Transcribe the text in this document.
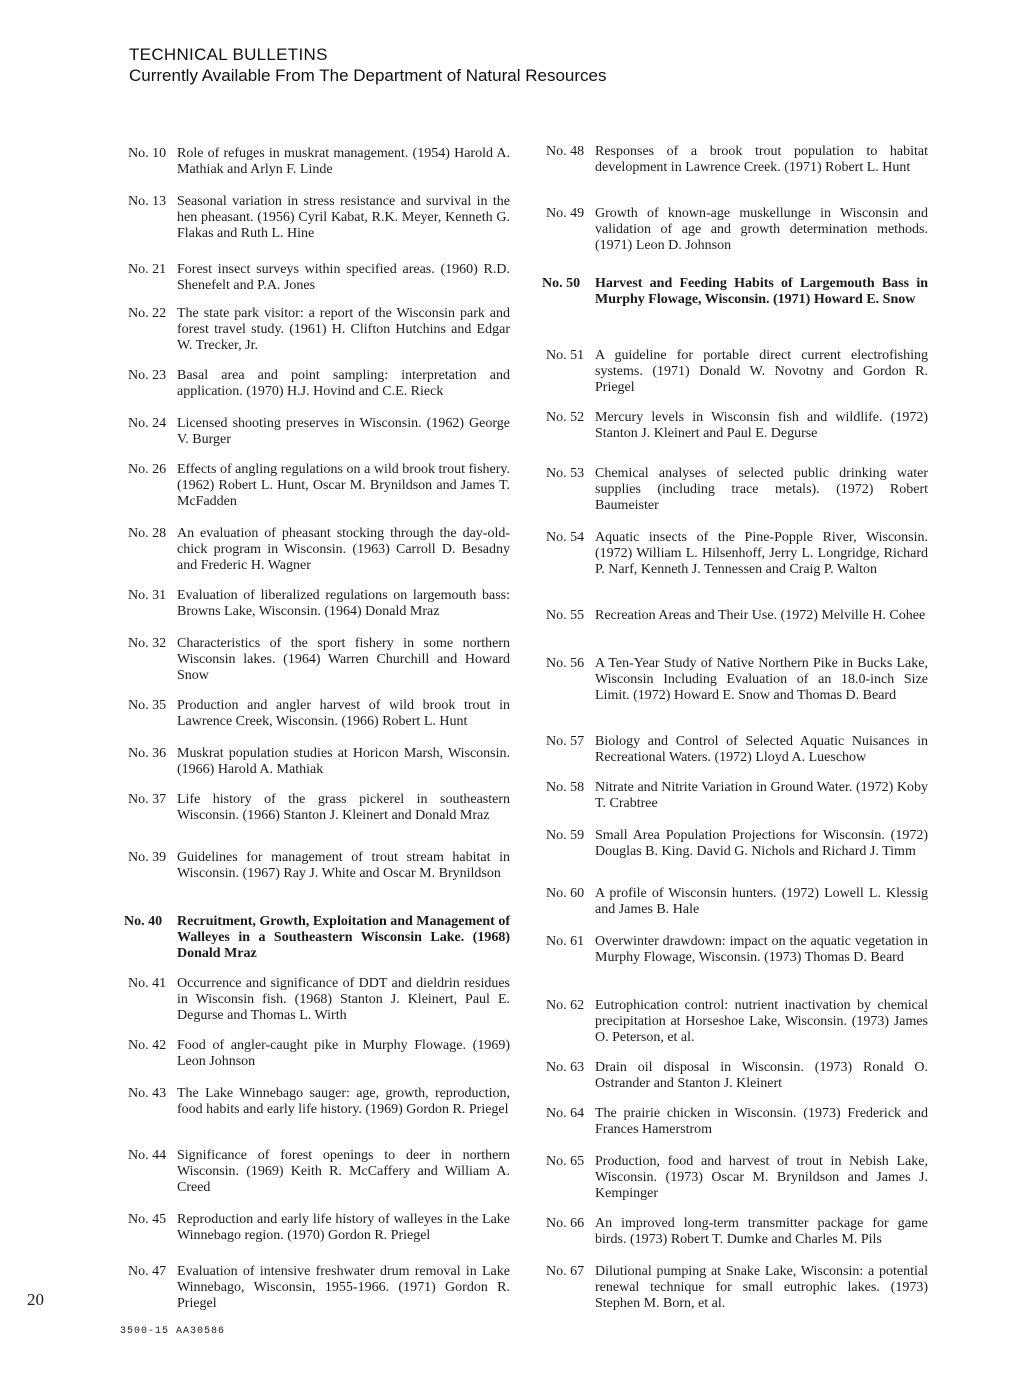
TECHNICAL BULLETINS
Currently Available From The Department of Natural Resources
No. 10 Role of refuges in muskrat management. (1954) Harold A. Mathiak and Arlyn F. Linde
No. 13 Seasonal variation in stress resistance and survival in the hen pheasant. (1956) Cyril Kabat, R.K. Meyer, Kenneth G. Flakas and Ruth L. Hine
No. 21 Forest insect surveys within specified areas. (1960) R.D. Shenefelt and P.A. Jones
No. 22 The state park visitor: a report of the Wisconsin park and forest travel study. (1961) H. Clifton Hutchins and Edgar W. Trecker, Jr.
No. 23 Basal area and point sampling: interpretation and application. (1970) H.J. Hovind and C.E. Rieck
No. 24 Licensed shooting preserves in Wisconsin. (1962) George V. Burger
No. 26 Effects of angling regulations on a wild brook trout fishery. (1962) Robert L. Hunt, Oscar M. Brynildson and James T. McFadden
No. 28 An evaluation of pheasant stocking through the day-old-chick program in Wisconsin. (1963) Carroll D. Besadny and Frederic H. Wagner
No. 31 Evaluation of liberalized regulations on largemouth bass: Browns Lake, Wisconsin. (1964) Donald Mraz
No. 32 Characteristics of the sport fishery in some northern Wisconsin lakes. (1964) Warren Churchill and Howard Snow
No. 35 Production and angler harvest of wild brook trout in Lawrence Creek, Wisconsin. (1966) Robert L. Hunt
No. 36 Muskrat population studies at Horicon Marsh, Wisconsin. (1966) Harold A. Mathiak
No. 37 Life history of the grass pickerel in southeastern Wisconsin. (1966) Stanton J. Kleinert and Donald Mraz
No. 39 Guidelines for management of trout stream habitat in Wisconsin. (1967) Ray J. White and Oscar M. Brynildson
No. 40 Recruitment, Growth, Exploitation and Management of Walleyes in a Southeastern Wisconsin Lake. (1968) Donald Mraz
No. 41 Occurrence and significance of DDT and dieldrin residues in Wisconsin fish. (1968) Stanton J. Kleinert, Paul E. Degurse and Thomas L. Wirth
No. 42 Food of angler-caught pike in Murphy Flowage. (1969) Leon Johnson
No. 43 The Lake Winnebago sauger: age, growth, reproduction, food habits and early life history. (1969) Gordon R. Priegel
No. 44 Significance of forest openings to deer in northern Wisconsin. (1969) Keith R. McCaffery and William A. Creed
No. 45 Reproduction and early life history of walleyes in the Lake Winnebago region. (1970) Gordon R. Priegel
No. 47 Evaluation of intensive freshwater drum removal in Lake Winnebago, Wisconsin, 1955-1966. (1971) Gordon R. Priegel
No. 48 Responses of a brook trout population to habitat development in Lawrence Creek. (1971) Robert L. Hunt
No. 49 Growth of known-age muskellunge in Wisconsin and validation of age and growth determination methods. (1971) Leon D. Johnson
No. 50 Harvest and Feeding Habits of Largemouth Bass in Murphy Flowage, Wisconsin. (1971) Howard E. Snow
No. 51 A guideline for portable direct current electrofishing systems. (1971) Donald W. Novotny and Gordon R. Priegel
No. 52 Mercury levels in Wisconsin fish and wildlife. (1972) Stanton J. Kleinert and Paul E. Degurse
No. 53 Chemical analyses of selected public drinking water supplies (including trace metals). (1972) Robert Baumeister
No. 54 Aquatic insects of the Pine-Popple River, Wisconsin. (1972) William L. Hilsenhoff, Jerry L. Longridge, Richard P. Narf, Kenneth J. Tennessen and Craig P. Walton
No. 55 Recreation Areas and Their Use. (1972) Melville H. Cohee
No. 56 A Ten-Year Study of Native Northern Pike in Bucks Lake, Wisconsin Including Evaluation of an 18.0-inch Size Limit. (1972) Howard E. Snow and Thomas D. Beard
No. 57 Biology and Control of Selected Aquatic Nuisances in Recreational Waters. (1972) Lloyd A. Lueschow
No. 58 Nitrate and Nitrite Variation in Ground Water. (1972) Koby T. Crabtree
No. 59 Small Area Population Projections for Wisconsin. (1972) Douglas B. King. David G. Nichols and Richard J. Timm
No. 60 A profile of Wisconsin hunters. (1972) Lowell L. Klessig and James B. Hale
No. 61 Overwinter drawdown: impact on the aquatic vegetation in Murphy Flowage, Wisconsin. (1973) Thomas D. Beard
No. 62 Eutrophication control: nutrient inactivation by chemical precipitation at Horseshoe Lake, Wisconsin. (1973) James O. Peterson, et al.
No. 63 Drain oil disposal in Wisconsin. (1973) Ronald O. Ostrander and Stanton J. Kleinert
No. 64 The prairie chicken in Wisconsin. (1973) Frederick and Frances Hamerstrom
No. 65 Production, food and harvest of trout in Nebish Lake, Wisconsin. (1973) Oscar M. Brynildson and James J. Kempinger
No. 66 An improved long-term transmitter package for game birds. (1973) Robert T. Dumke and Charles M. Pils
No. 67 Dilutional pumping at Snake Lake, Wisconsin: a potential renewal technique for small eutrophic lakes. (1973) Stephen M. Born, et al.
20
3500-15 AA30586
